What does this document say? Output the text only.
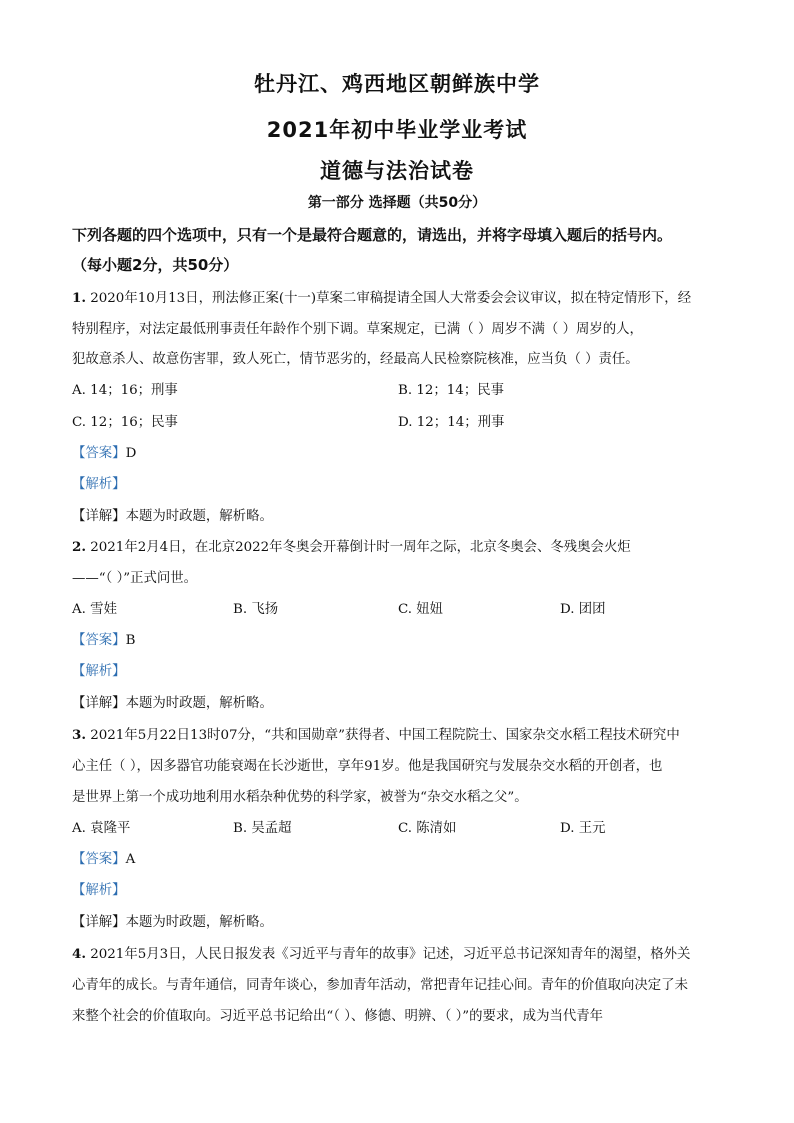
牡丹江、鸡西地区朝鲜族中学
2021年初中毕业学业考试
道德与法治试卷
第一部分 选择题（共50分）
下列各题的四个选项中，只有一个是最符合题意的，请选出，并将字母填入题后的括号内。
（每小题2分，共50分）
1. 2020年10月13日，刑法修正案(十一)草案二审稿提请全国人大常委会会议审议，拟在特定情形下，经
特别程序，对法定最低刑事责任年龄作个别下调。草案规定，已满（ ）周岁不满（ ）周岁的人，
犯故意杀人、故意伤害罪，致人死亡，情节恶劣的，经最高人民检察院核准，应当负（ ）责任。
A. 14；16；刑事	B. 12；14；民事
C. 12；16；民事	D. 12；14；刑事
【答案】D
【解析】
【详解】本题为时政题，解析略。
2. 2021年2月4日，在北京2022年冬奥会开幕倒计时一周年之际，北京冬奥会、冬残奥会火炬
——“（ ）”正式问世。
A. 雪娃	B. 飞扬	C. 妞妞	D. 团团
【答案】B
【解析】
【详解】本题为时政题，解析略。
3. 2021年5月22日13时07分，“共和国勋章”获得者、中国工程院院士、国家杂交水稻工程技术研究中
心主任（ ），因多器官功能衰竭在长沙逝世，享年91岁。他是我国研究与发展杂交水稻的开创者，也
是世界上第一个成功地利用水稻杂种优势的科学家，被誉为“杂交水稻之父”。
A. 袁隆平	B. 吴孟超	C. 陈清如	D. 王元
【答案】A
【解析】
【详解】本题为时政题，解析略。
4. 2021年5月3日，人民日报发表《习近平与青年的故事》记述，习近平总书记深知青年的渴望，格外关
心青年的成长。与青年通信，同青年谈心，参加青年活动，常把青年记挂心间。青年的价值取向决定了未
来整个社会的价值取向。习近平总书记给出“（ ）、修德、明辨、（ ）”的要求，成为当代青年
